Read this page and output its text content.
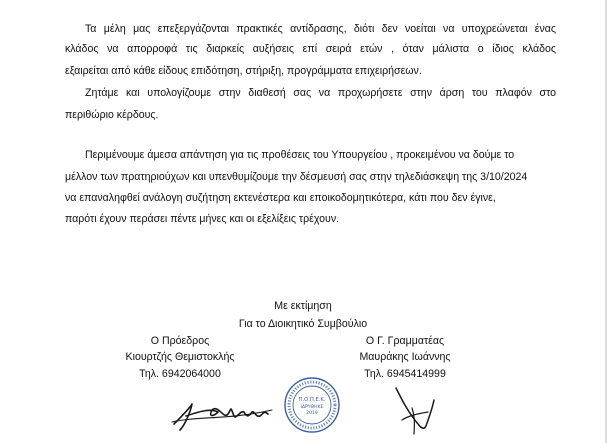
Τα μέλη μας επεξεργάζονται πρακτικές αντίδρασης, διότι δεν νοείται να υποχρεώνεται ένας
κλάδος να απορροφά τις διαρκείς αυξήσεις επί σειρά ετών , όταν μάλιστα ο ίδιος κλάδος
εξαιρείται από κάθε είδους επιδότηση, στήριξη, προγράμματα επιχειρήσεων.
Ζητάμε και υπολογίζουμε στην διαθεσή σας να προχωρήσετε στην άρση του πλαφόν στο
περιθώριο κέρδους.
Περιμένουμε άμεσα απάντηση για τις προθέσεις του Υπουργείου , προκειμένου να δούμε το
μέλλον των πρατηριούχων και υπενθυμίζουμε την δέσμευσή σας στην τηλεδιάσκεψη της 3/10/2024
να επαναληφθεί ανάλογη συζήτηση εκτενέστερα και εποικοδομητικότερα, κάτι που δεν έγινε,
παρότι έχουν περάσει πέντε μήνες και οι εξελίξεις τρέχουν.
Με εκτίμηση
Για το Διοικητικό Συμβούλιο
Ο Πρόεδρος
Κιουρτζής Θεμιστοκλής
Τηλ. 6942064000
Ο Γ. Γραμματέας
Μαυράκης Ιωάννης
Τηλ. 6945414999
Π.Ο.Π.Ε.Κ.
ΙΔΡΥΘΗΚΕ
2019
